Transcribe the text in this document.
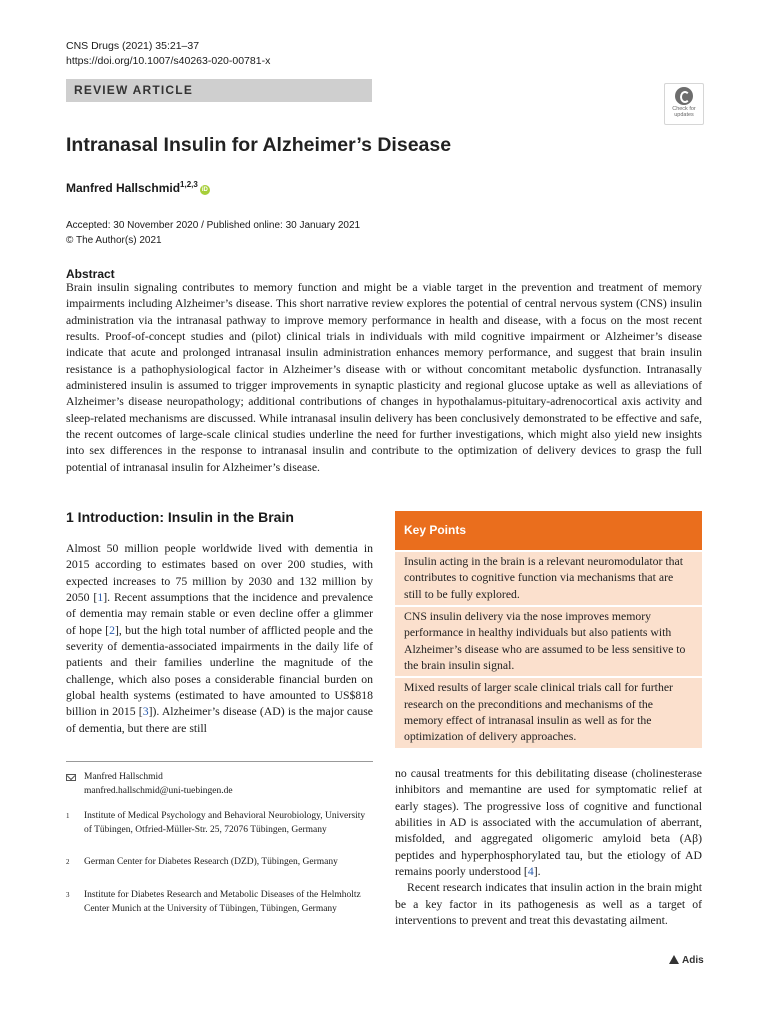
CNS Drugs (2021) 35:21–37
https://doi.org/10.1007/s40263-020-00781-x
REVIEW ARTICLE
Check for updates
Intranasal Insulin for Alzheimer’s Disease
Manfred Hallschmid$^{1,2,3}$iD
Accepted: 30 November 2020 / Published online: 30 January 2021
© The Author(s) 2021
Abstract
Brain insulin signaling contributes to memory function and might be a viable target in the prevention and treatment of memory impairments including Alzheimer’s disease. This short narrative review explores the potential of central nervous system (CNS) insulin administration via the intranasal pathway to improve memory performance in health and disease, with a focus on the most recent results. Proof-of-concept studies and (pilot) clinical trials in individuals with mild cognitive impairment or Alzheimer’s disease indicate that acute and prolonged intranasal insulin administration enhances memory performance, and suggest that brain insulin resistance is a pathophysiological factor in Alzheimer’s disease with or without concomitant metabolic dysfunction. Intranasally administered insulin is assumed to trigger improvements in synaptic plasticity and regional glucose uptake as well as alleviations of Alzheimer’s disease neuropathology; additional contributions of changes in hypothalamus-pituitary-adrenocortical axis activity and sleep-related mechanisms are discussed. While intranasal insulin delivery has been conclusively demonstrated to be effective and safe, the recent outcomes of large-scale clinical studies underline the need for further investigations, which might also yield new insights into sex differences in the response to intranasal insulin and contribute to the optimization of delivery devices to grasp the full potential of intranasal insulin for Alzheimer’s disease.
1 Introduction: Insulin in the Brain

Almost 50 million people worldwide lived with dementia in 2015 according to estimates based on over 200 studies, with expected increases to 75 million by 2030 and 132 million by 2050 [1]. Recent assumptions that the incidence and prevalence of dementia may remain stable or even decline offer a glimmer of hope [2], but the high total number of afflicted people and the severity of dementia-associated impairments in the daily life of patients and their families underline the magnitude of the challenge, which also poses a considerable financial burden on global health systems (estimated to have amounted to US$818 billion in 2015 [3]). Alzheimer’s disease (AD) is the major cause of dementia, but there are still

Key Points
Insulin acting in the brain is a relevant neuromodulator that contributes to cognitive function via mechanisms that are still to be fully explored.
CNS insulin delivery via the nose improves memory performance in healthy individuals but also patients with Alzheimer’s disease who are assumed to be less sensitive to the brain insulin signal.
Mixed results of larger scale clinical trials call for further research on the preconditions and mechanisms of the memory effect of intranasal insulin as well as for the optimization of delivery approaches.

no causal treatments for this debilitating disease (cholinesterase inhibitors and memantine are used for symptomatic relief at early stages). The progressive loss of cognitive and functional abilities in AD is associated with the accumulation of aberrant, misfolded, and aggregated oligomeric amyloid beta (Aβ) peptides and hyperphosphorylated tau, but the etiology of AD remains poorly understood [4].

Recent research indicates that insulin action in the brain might be a key factor in its pathogenesis as well as a target of interventions to prevent and treat this devastating ailment.

Manfred Hallschmid
manfred.hallschmid@uni-tuebingen.de
1 Institute of Medical Psychology and Behavioral Neurobiology, University of Tübingen, Otfried-Müller-Str. 25, 72076 Tübingen, Germany
2 German Center for Diabetes Research (DZD), Tübingen, Germany
3 Institute for Diabetes Research and Metabolic Diseases of the Helmholtz Center Munich at the University of Tübingen, Tübingen, Germany
Adis
